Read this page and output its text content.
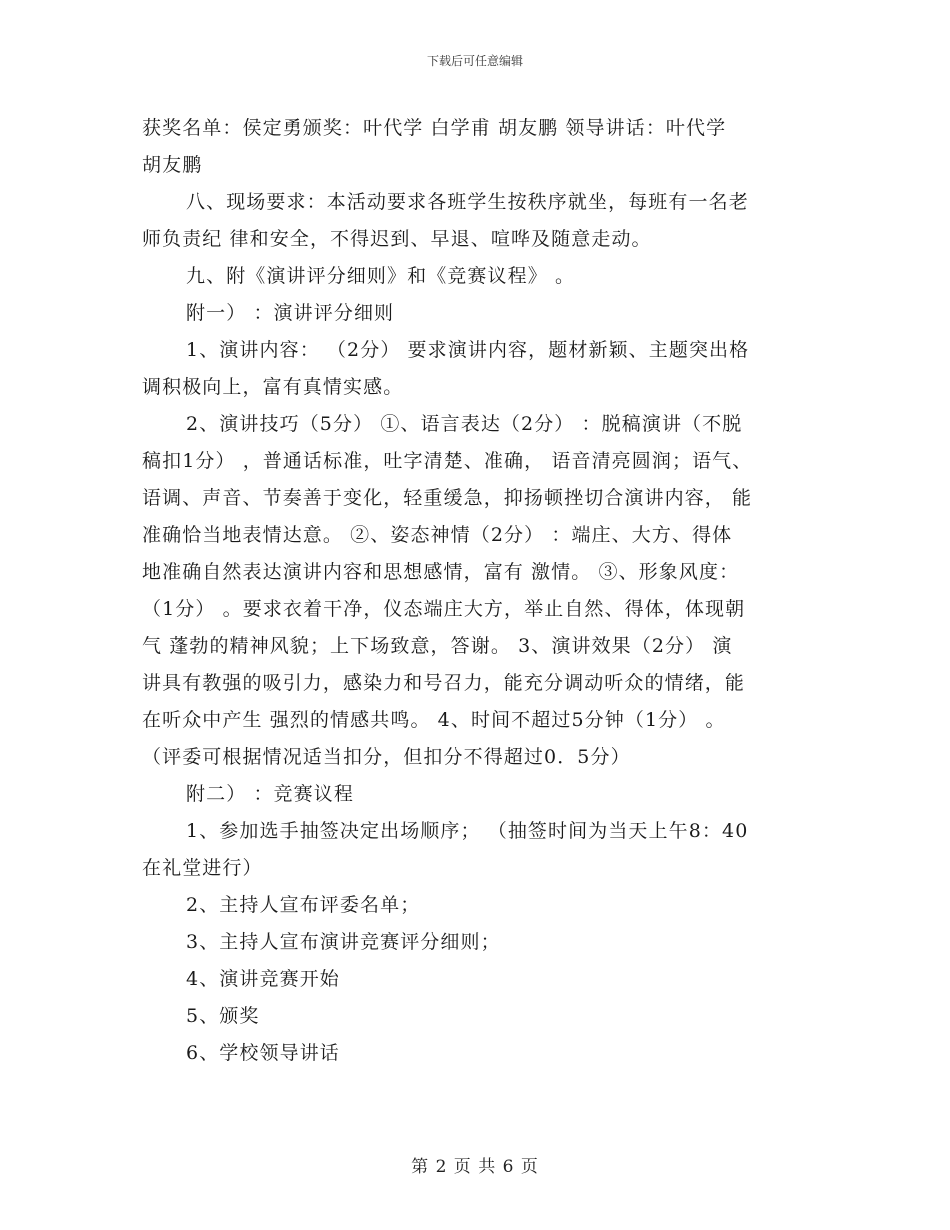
下载后可任意编辑
获奖名单：侯定勇颁奖：叶代学 白学甫 胡友鹏 领导讲话：叶代学
胡友鹏
八、现场要求：本活动要求各班学生按秩序就坐，每班有一名老
师负责纪 律和安全，不得迟到、早退、喧哗及随意走动。
九、附《演讲评分细则》和《竞赛议程》 。
附一） ：演讲评分细则
1、演讲内容： （2分） 要求演讲内容，题材新颖、主题突出格
调积极向上，富有真情实感。
2、演讲技巧（5分） ①、语言表达（2分） ：脱稿演讲（不脱
稿扣1分） ，普通话标准，吐字清楚、准确， 语音清亮圆润；语气、
语调、声音、节奏善于变化，轻重缓急，抑扬顿挫切合演讲内容， 能
准确恰当地表情达意。 ②、姿态神情（2分） ：端庄、大方、得体
地准确自然表达演讲内容和思想感情，富有 激情。 ③、形象风度：
（1分） 。要求衣着干净，仪态端庄大方，举止自然、得体，体现朝
气 蓬勃的精神风貌；上下场致意，答谢。 3、演讲效果（2分） 演
讲具有教强的吸引力，感染力和号召力，能充分调动听众的情绪，能
在听众中产生 强烈的情感共鸣。 4、时间不超过5分钟（1分） 。
（评委可根据情况适当扣分，但扣分不得超过0．5分）
附二） ：竞赛议程
1、参加选手抽签决定出场顺序； （抽签时间为当天上午8：40
在礼堂进行）
2、主持人宣布评委名单；
3、主持人宣布演讲竞赛评分细则；
4、演讲竞赛开始
5、颁奖
6、学校领导讲话
第 2 页 共 6 页
